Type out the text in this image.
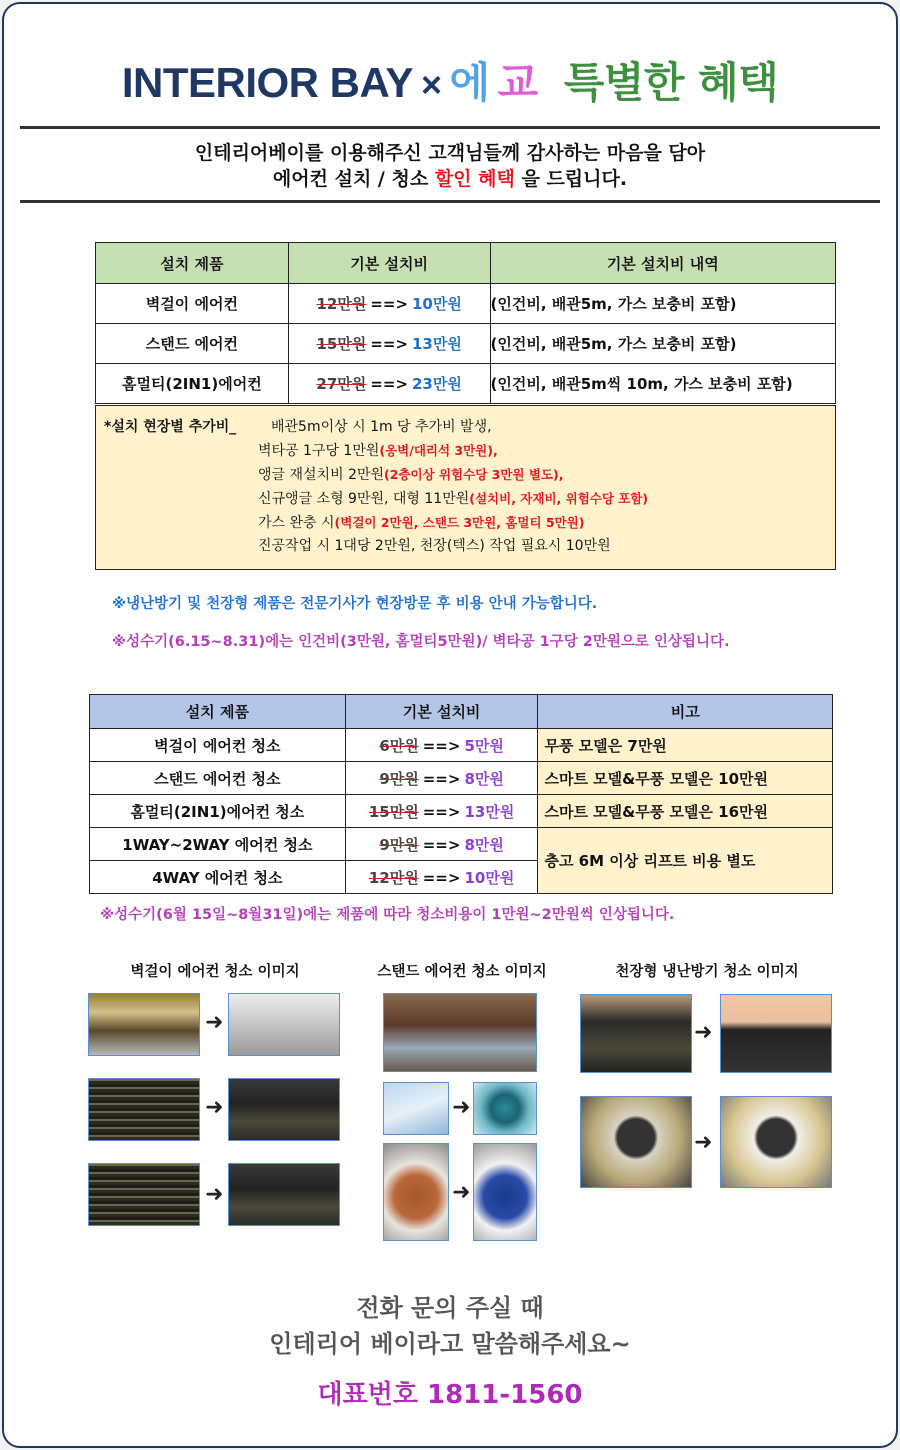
INTERIOR BAY × 에 교 특별한 혜택
인테리어베이를 이용해주신 고객님들께 감사하는 마음을 담아
에어컨 설치 / 청소 할인 혜택 을 드립니다.
설치 제품	기본 설치비	기본 설치비 내역
벽걸이 에어컨	12만원 ==> 10만원	(인건비, 배관5m, 가스 보충비 포함)
스탠드 에어컨	15만원 ==> 13만원	(인건비, 배관5m, 가스 보충비 포함)
홈멀티(2IN1)에어컨	27만원 ==> 23만원	(인건비, 배관5m씩 10m, 가스 보충비 포함)
*설치 현장별 추가비_ 배관5m이상 시 1m 당 추가비 발생,
벽타공 1구당 1만원(옹벽/대리석 3만원),
앵글 재설치비 2만원(2층이상 위험수당 3만원 별도),
신규앵글 소형 9만원, 대형 11만원(설치비, 자재비, 위험수당 포함)
가스 완충 시(벽걸이 2만원, 스탠드 3만원, 홈멀티 5만원)
진공작업 시 1대당 2만원, 천장(텍스) 작업 필요시 10만원
※냉난방기 및 천장형 제품은 전문기사가 현장방문 후 비용 안내 가능합니다.
※성수기(6.15~8.31)에는 인건비(3만원, 홈멀티5만원)/ 벽타공 1구당 2만원으로 인상됩니다.
설치 제품	기본 설치비	비고
벽걸이 에어컨 청소	6만원 ==> 5만원	무풍 모델은 7만원
스탠드 에어컨 청소	9만원 ==> 8만원	스마트 모델&무풍 모델은 10만원
홈멀티(2IN1)에어컨 청소	15만원 ==> 13만원	스마트 모델&무풍 모델은 16만원
1WAY~2WAY 에어컨 청소	9만원 ==> 8만원	층고 6M 이상 리프트 비용 별도
4WAY 에어컨 청소	12만원 ==> 10만원	
※성수기(6월 15일~8월31일)에는 제품에 따라 청소비용이 1만원~2만원씩 인상됩니다.
벽걸이 에어컨 청소 이미지	스탠드 에어컨 청소 이미지	천장형 냉난방기 청소 이미지
➜
➜
➜
➜
➜
➜
➜
전화 문의 주실 때
인테리어 베이라고 말씀해주세요~
대표번호 1811-1560
